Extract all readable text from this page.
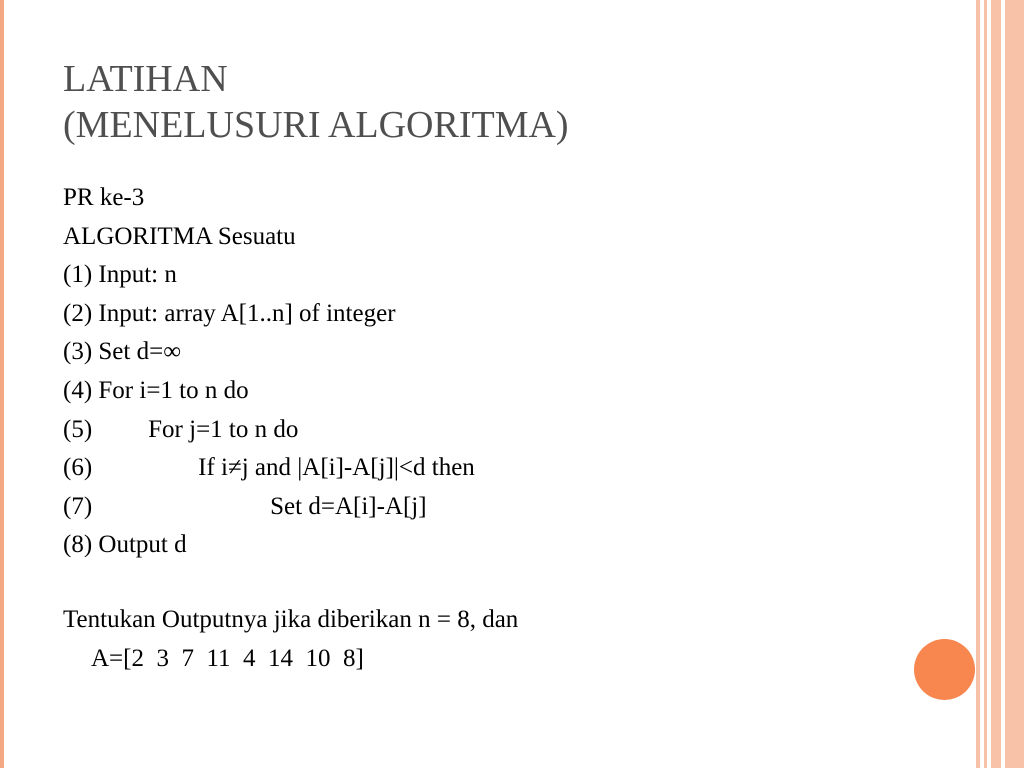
LATIHAN
(MENELUSURI ALGORITMA)
PR ke-3
ALGORITMA Sesuatu
(1) Input: n
(2) Input: array A[1..n] of integer
(3) Set d=∞
(4) For i=1 to n do
(5) For j=1 to n do
(6)	If i≠j and |A[i]-A[j]|<d then
(7)	Set d=A[i]-A[j]
(8) Output d
Tentukan Outputnya jika diberikan n = 8, dan
A=[2  3  7  11  4  14  10  8]
